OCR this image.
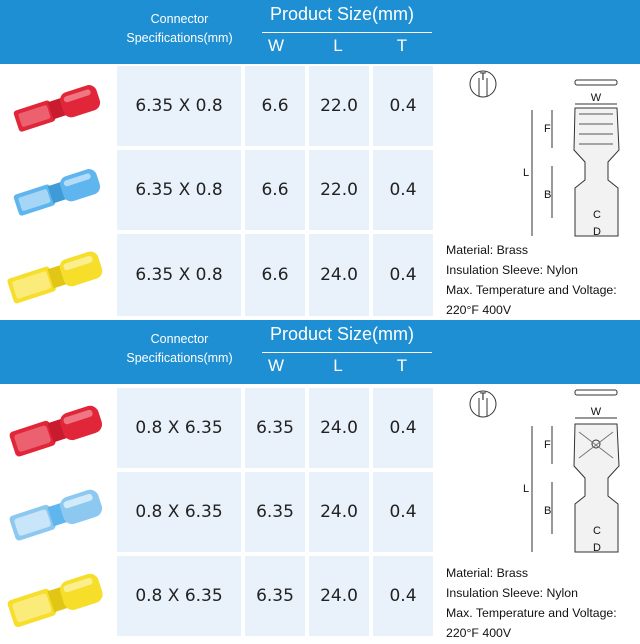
Connector Specifications(mm)
Product Size(mm)
W	L	T
6.35 X 0.8	6.6	22.0	0.4
6.35 X 0.8	6.6	22.0	0.4
6.35 X 0.8	6.6	24.0	0.4
T
W
F
L
B
C
D
Material: Brass
Insulation Sleeve: Nylon
Max. Temperature and Voltage:
220°F 400V
Connector Specifications(mm)
Product Size(mm)
W	L	T
0.8 X 6.35	6.35	24.0	0.4
0.8 X 6.35	6.35	24.0	0.4
0.8 X 6.35	6.35	24.0	0.4
T
W
F
L
B
C
D
Material: Brass
Insulation Sleeve: Nylon
Max. Temperature and Voltage:
220°F 400V
